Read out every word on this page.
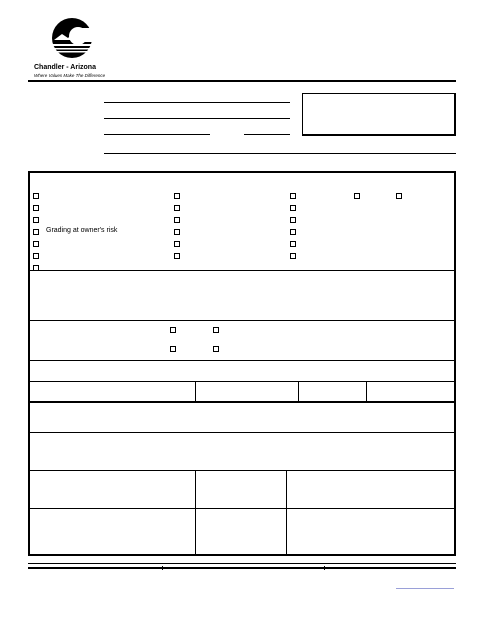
Chandler - Arizona
Where Values Make The Difference
Grading at owner's risk
